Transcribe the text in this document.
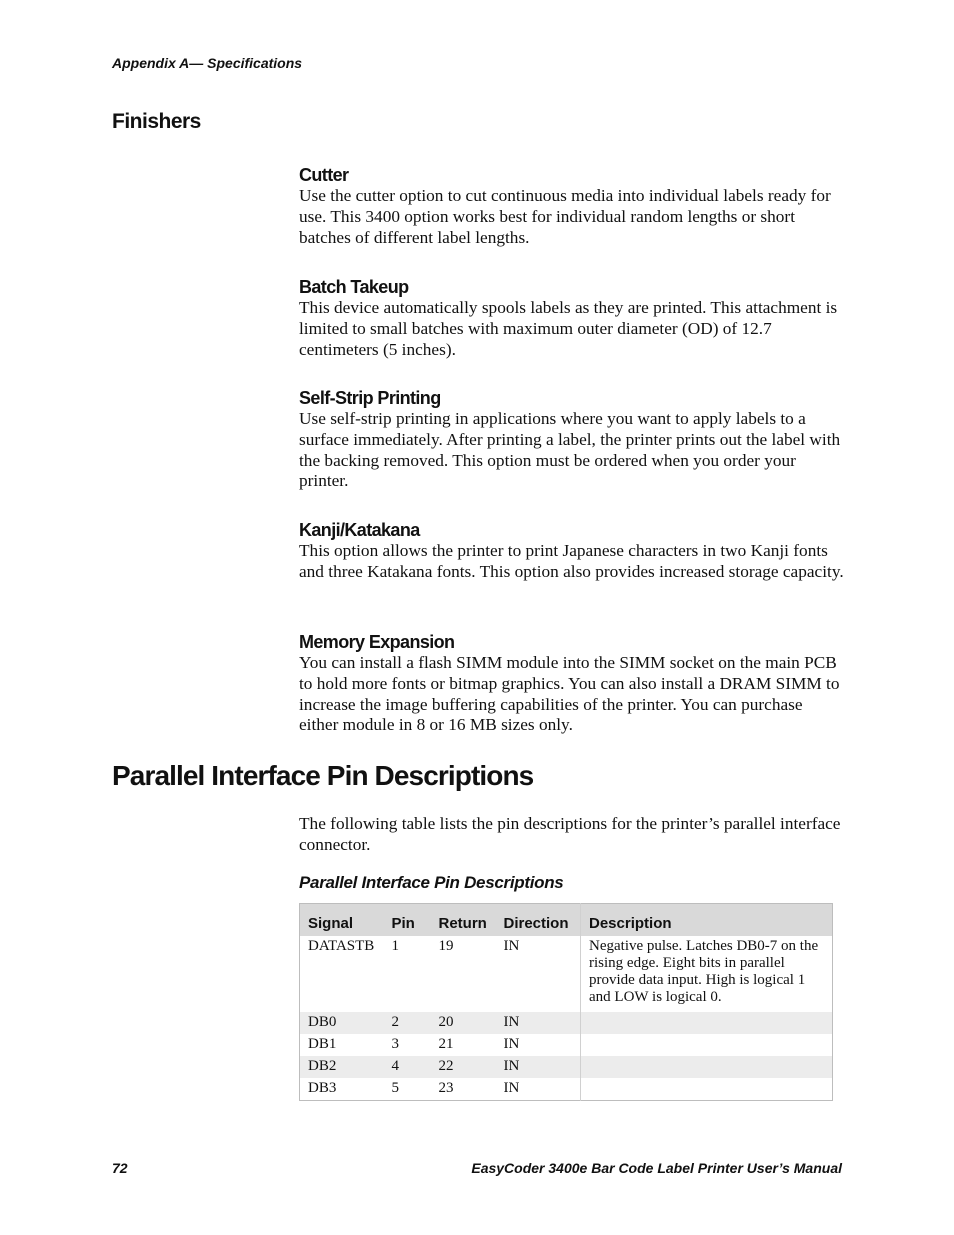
Appendix A— Specifications
Finishers
Cutter

Use the cutter option to cut continuous media into individual labels ready for use. This 3400 option works best for individual random lengths or short batches of different label lengths.

Batch Takeup

This device automatically spools labels as they are printed. This attachment is limited to small batches with maximum outer diameter (OD) of 12.7 centimeters (5 inches).

Self-Strip Printing

Use self-strip printing in applications where you want to apply labels to a surface immediately. After printing a label, the printer prints out the label with the backing removed. This option must be ordered when you order your printer.

Kanji/Katakana

This option allows the printer to print Japanese characters in two Kanji fonts and three Katakana fonts. This option also provides increased storage capacity.

Memory Expansion

You can install a flash SIMM module into the SIMM socket on the main PCB to hold more fonts or bitmap graphics. You can also install a DRAM SIMM to increase the image buffering capabilities of the printer. You can purchase either module in 8 or 16 MB sizes only.

Parallel Interface Pin Descriptions

The following table lists the pin descriptions for the printer’s parallel interface connector.

Parallel Interface Pin Descriptions

Signal	Pin	Return	Direction	Description
DATASTB	1	19	IN	Negative pulse. Latches DB0-7 on the rising edge. Eight bits in parallel provide data input. High is logical 1 and LOW is logical 0.
DB0	2	20	IN	
DB1	3	21	IN	
DB2	4	22	IN	
DB3	5	23	IN	
72	EasyCoder 3400e Bar Code Label Printer User’s Manual
